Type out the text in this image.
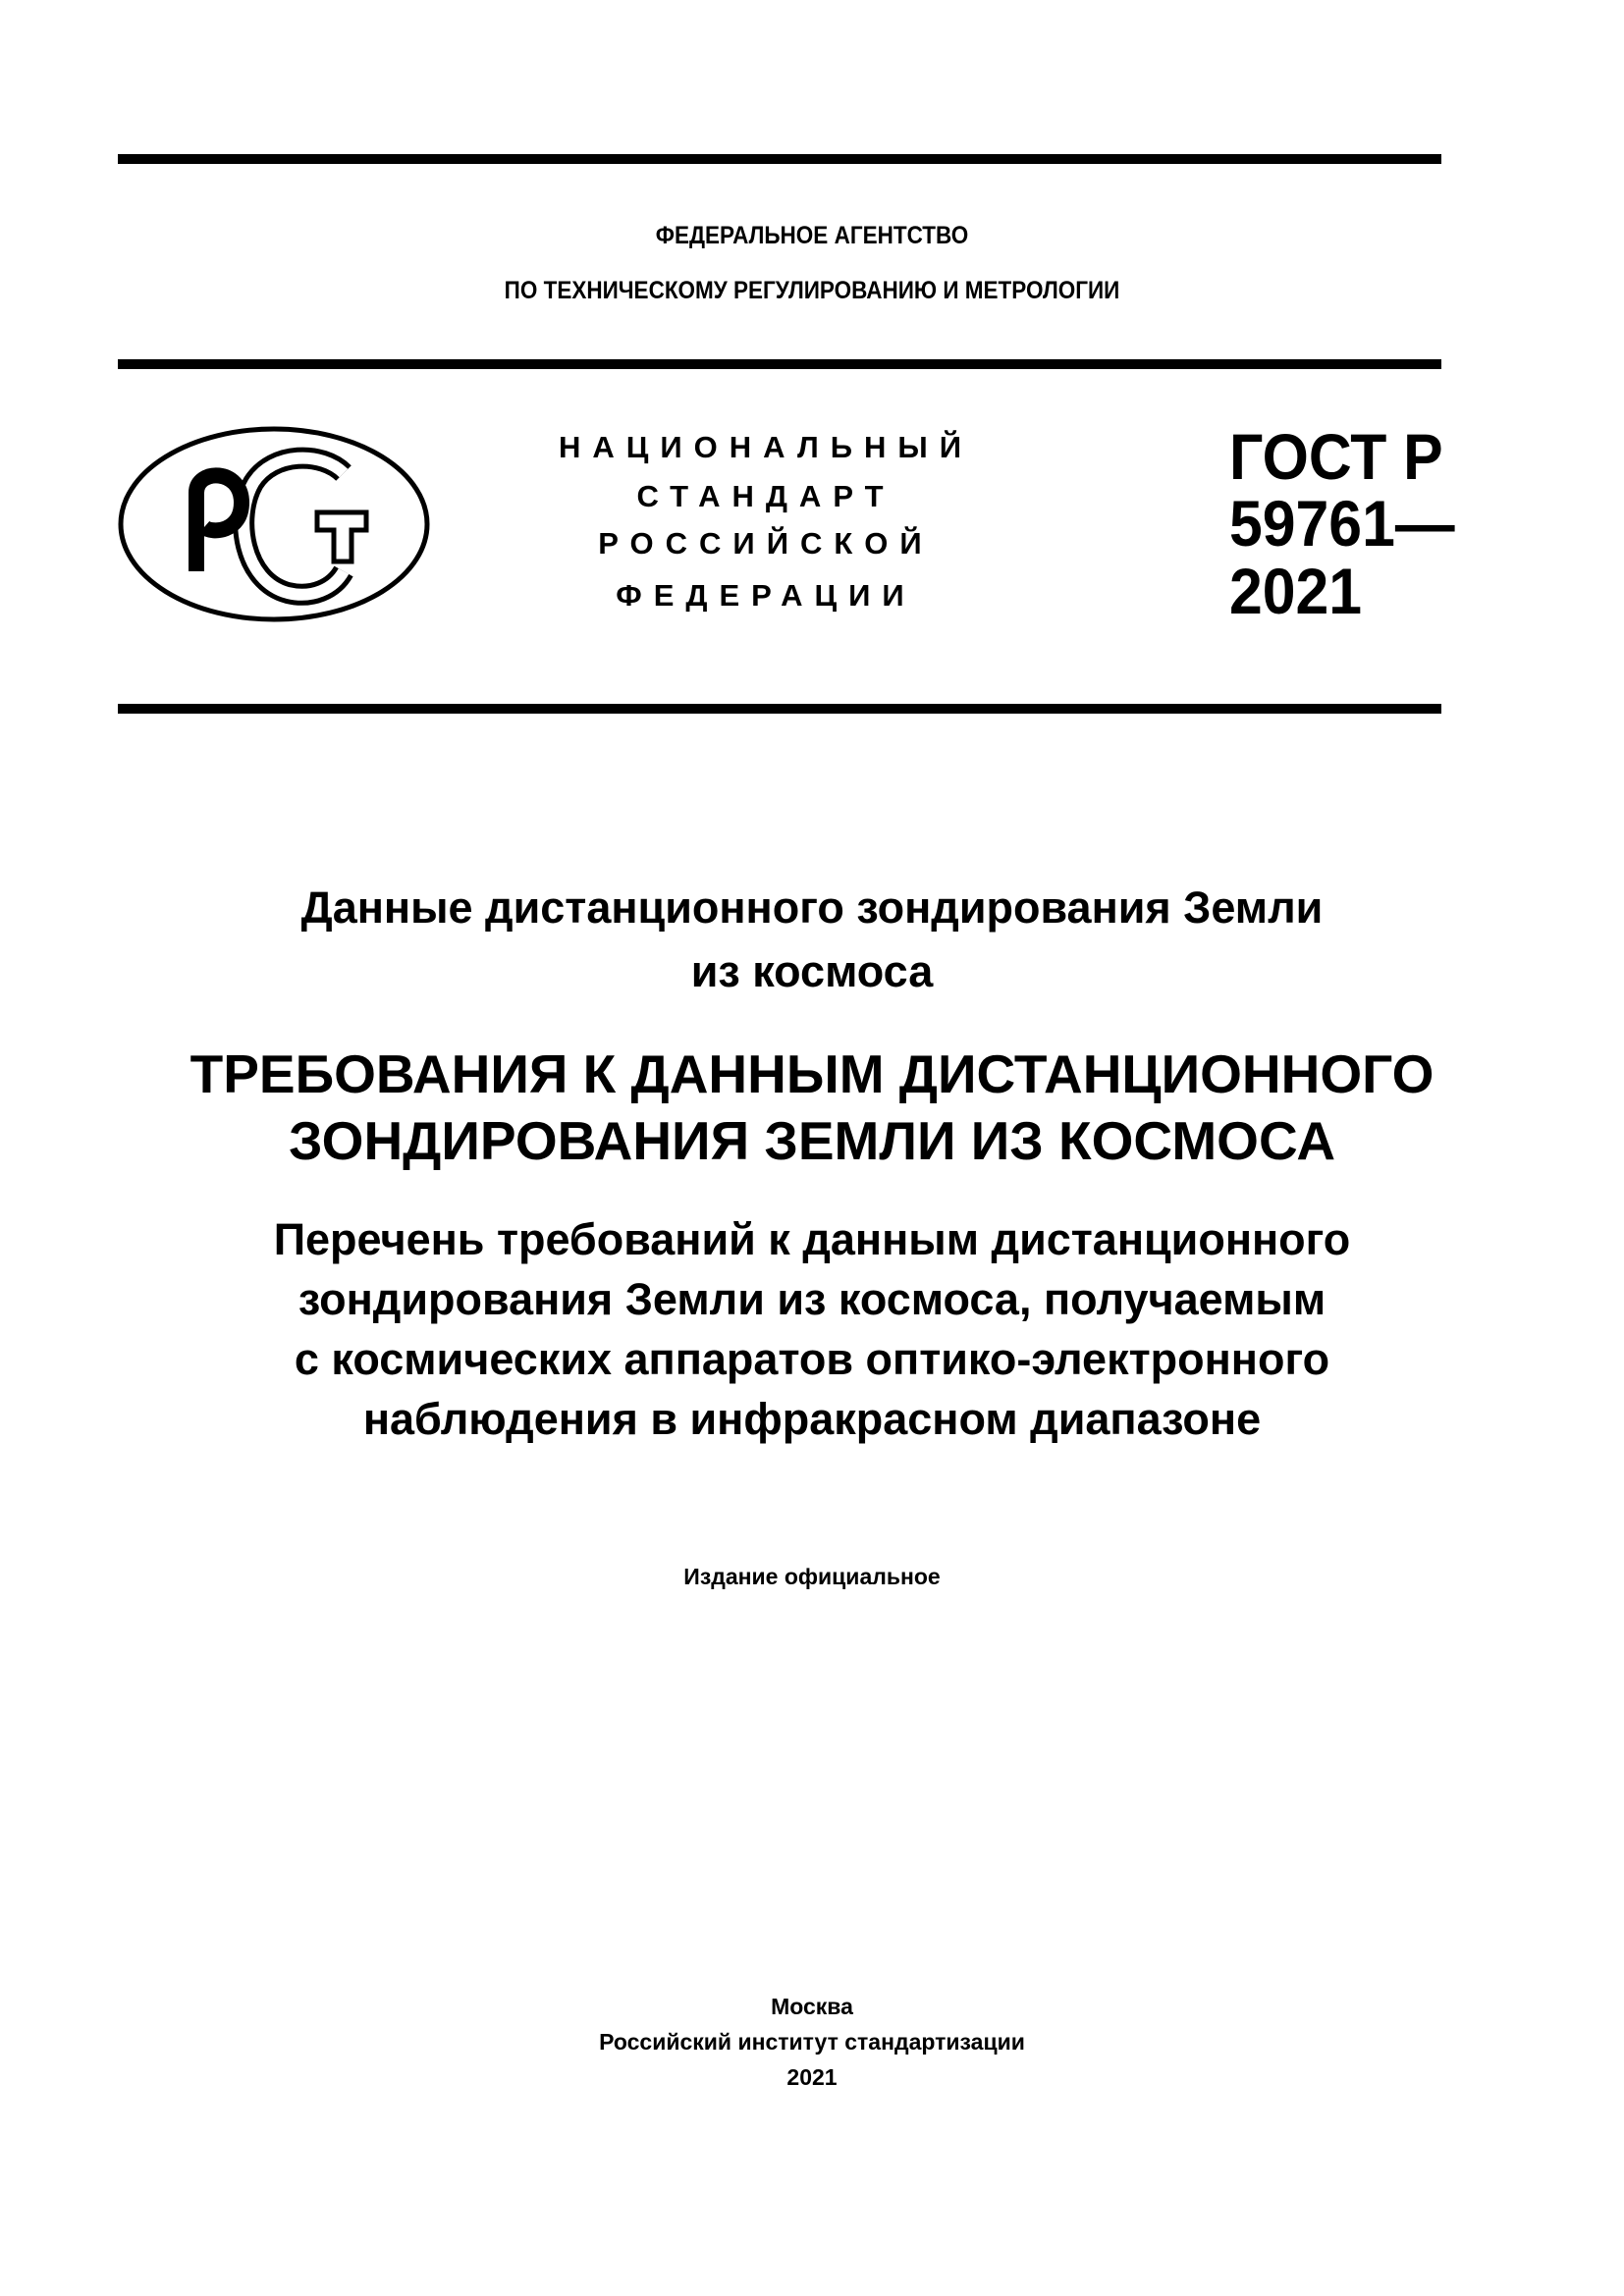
ФЕДЕРАЛЬНОЕ АГЕНТСТВО
ПО ТЕХНИЧЕСКОМУ РЕГУЛИРОВАНИЮ И МЕТРОЛОГИИ
НАЦИОНАЛЬНЫЙ
СТАНДАРТ
РОССИЙСКОЙ
ФЕДЕРАЦИИ
ГОСТ Р
59761—
2021
Данные дистанционного зондирования Земли
из космоса
ТРЕБОВАНИЯ К ДАННЫМ ДИСТАНЦИОННОГО
ЗОНДИРОВАНИЯ ЗЕМЛИ ИЗ КОСМОСА
Перечень требований к данным дистанционного
зондирования Земли из космоса, получаемым
с космических аппаратов оптико-электронного
наблюдения в инфракрасном диапазоне
Издание официальное
Москва
Российский институт стандартизации
2021
